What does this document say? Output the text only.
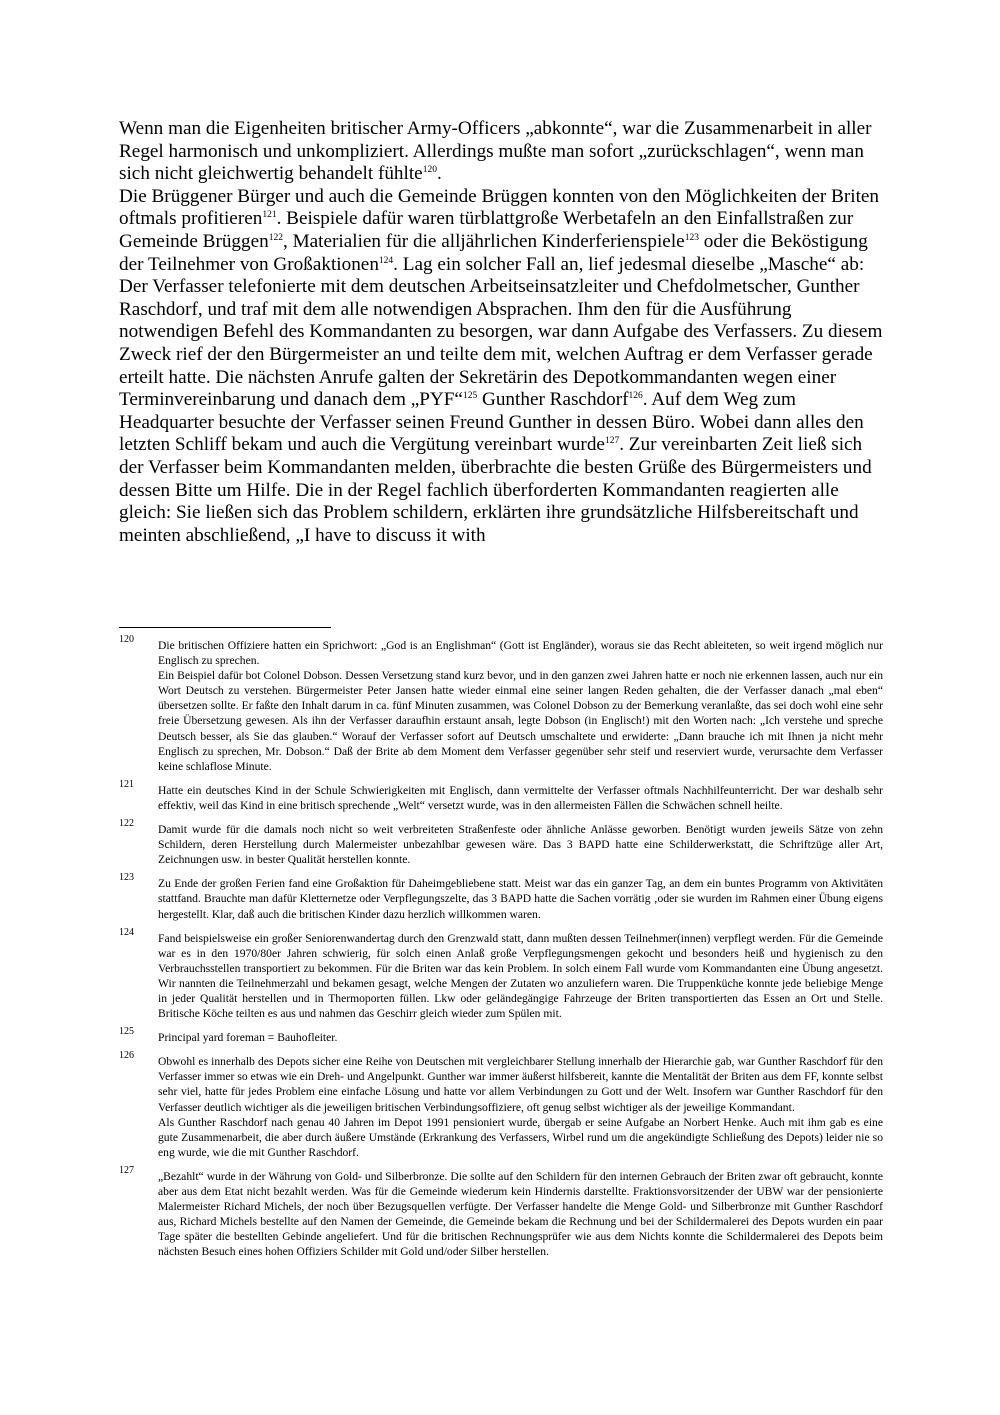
Wenn man die Eigenheiten britischer Army-Officers „abkonnte“, war die Zusammenarbeit in aller Regel harmonisch und unkompliziert. Allerdings mußte man sofort „zurückschlagen“, wenn man sich nicht gleichwertig behandelt fühlte$^{120}$.

Die Brüggener Bürger und auch die Gemeinde Brüggen konnten von den Möglichkeiten der Briten oftmals profitieren$^{121}$. Beispiele dafür waren türblattgroße Werbetafeln an den Einfallstraßen zur Gemeinde Brüggen$^{122}$, Materialien für die alljährlichen Kinderferienspiele$^{123}$ oder die Beköstigung der Teilnehmer von Großaktionen$^{124}$. Lag ein solcher Fall an, lief jedesmal dieselbe „Masche“ ab: Der Verfasser telefonierte mit dem deutschen Arbeitseinsatzleiter und Chefdolmetscher, Gunther Raschdorf, und traf mit dem alle notwendigen Absprachen. Ihm den für die Ausführung notwendigen Befehl des Kommandanten zu besorgen, war dann Aufgabe des Verfassers. Zu diesem Zweck rief der den Bürgermeister an und teilte dem mit, welchen Auftrag er dem Verfasser gerade erteilt hatte. Die nächsten Anrufe galten der Sekretärin des Depotkommandanten wegen einer Terminvereinbarung und danach dem „PYF“$^{125}$ Gunther Raschdorf$^{126}$. Auf dem Weg zum Headquarter besuchte der Verfasser seinen Freund Gunther in dessen Büro. Wobei dann alles den letzten Schliff bekam und auch die Vergütung vereinbart wurde$^{127}$. Zur vereinbarten Zeit ließ sich der Verfasser beim Kommandanten melden, überbrachte die besten Grüße des Bürgermeisters und dessen Bitte um Hilfe. Die in der Regel fachlich überforderten Kommandanten reagierten alle gleich: Sie ließen sich das Problem schildern, erklärten ihre grundsätzliche Hilfsbereitschaft und meinten abschließend, „I have to discuss it with

120 Die britischen Offiziere hatten ein Sprichwort: „God is an Englishman“ (Gott ist Engländer), woraus sie das Recht ableiteten, so weit irgend möglich nur Englisch zu sprechen.

Ein Beispiel dafür bot Colonel Dobson. Dessen Versetzung stand kurz bevor, und in den ganzen zwei Jahren hatte er noch nie erkennen lassen, auch nur ein Wort Deutsch zu verstehen. Bürgermeister Peter Jansen hatte wieder einmal eine seiner langen Reden gehalten, die der Verfasser danach „mal eben“ übersetzen sollte. Er faßte den Inhalt darum in ca. fünf Minuten zusammen, was Colonel Dobson zu der Bemerkung veranlaßte, das sei doch wohl eine sehr freie Übersetzung gewesen. Als ihn der Verfasser daraufhin erstaunt ansah, legte Dobson (in Englisch!) mit den Worten nach: „Ich verstehe und spreche Deutsch besser, als Sie das glauben.“ Worauf der Verfasser sofort auf Deutsch umschaltete und erwiderte: „Dann brauche ich mit Ihnen ja nicht mehr Englisch zu sprechen, Mr. Dobson.“ Daß der Brite ab dem Moment dem Verfasser gegenüber sehr steif und reserviert wurde, verursachte dem Verfasser keine schlaflose Minute.

121 Hatte ein deutsches Kind in der Schule Schwierigkeiten mit Englisch, dann vermittelte der Verfasser oftmals Nachhilfeunterricht. Der war deshalb sehr effektiv, weil das Kind in eine britisch sprechende „Welt“ versetzt wurde, was in den allermeisten Fällen die Schwächen schnell heilte.

122 Damit wurde für die damals noch nicht so weit verbreiteten Straßenfeste oder ähnliche Anlässe geworben. Benötigt wurden jeweils Sätze von zehn Schildern, deren Herstellung durch Malermeister unbezahlbar gewesen wäre. Das 3 BAPD hatte eine Schilderwerkstatt, die Schriftzüge aller Art, Zeichnungen usw. in bester Qualität herstellen konnte.

123 Zu Ende der großen Ferien fand eine Großaktion für Daheimgebliebene statt. Meist war das ein ganzer Tag, an dem ein buntes Programm von Aktivitäten stattfand. Brauchte man dafür Kletternetze oder Verpflegungszelte, das 3 BAPD hatte die Sachen vorrätig ‚oder sie wurden im Rahmen einer Übung eigens hergestellt. Klar, daß auch die britischen Kinder dazu herzlich willkommen waren.

124 Fand beispielsweise ein großer Seniorenwandertag durch den Grenzwald statt, dann mußten dessen Teilnehmer(innen) verpflegt werden. Für die Gemeinde war es in den 1970/80er Jahren schwierig, für solch einen Anlaß große Verpflegungsmengen gekocht und besonders heiß und hygienisch zu den Verbrauchsstellen transportiert zu bekommen. Für die Briten war das kein Problem. In solch einem Fall wurde vom Kommandanten eine Übung angesetzt. Wir nannten die Teilnehmerzahl und bekamen gesagt, welche Mengen der Zutaten wo anzuliefern waren. Die Truppenküche konnte jede beliebige Menge in jeder Qualität herstellen und in Thermoporten füllen. Lkw oder geländegängige Fahrzeuge der Briten transportierten das Essen an Ort und Stelle. Britische Köche teilten es aus und nahmen das Geschirr gleich wieder zum Spülen mit.

125 Principal yard foreman = Bauhofleiter.

126 Obwohl es innerhalb des Depots sicher eine Reihe von Deutschen mit vergleichbarer Stellung innerhalb der Hierarchie gab, war Gunther Raschdorf für den Verfasser immer so etwas wie ein Dreh- und Angelpunkt. Gunther war immer äußerst hilfsbereit, kannte die Mentalität der Briten aus dem FF, konnte selbst sehr viel, hatte für jedes Problem eine einfache Lösung und hatte vor allem Verbindungen zu Gott und der Welt. Insofern war Gunther Raschdorf für den Verfasser deutlich wichtiger als die jeweiligen britischen Verbindungsoffiziere, oft genug selbst wichtiger als der jeweilige Kommandant.

Als Gunther Raschdorf nach genau 40 Jahren im Depot 1991 pensioniert wurde, übergab er seine Aufgabe an Norbert Henke. Auch mit ihm gab es eine gute Zusammenarbeit, die aber durch äußere Umstände (Erkrankung des Verfassers, Wirbel rund um die angekündigte Schließung des Depots) leider nie so eng wurde, wie die mit Gunther Raschdorf.

127 „Bezahlt“ wurde in der Währung von Gold- und Silberbronze. Die sollte auf den Schildern für den internen Gebrauch der Briten zwar oft gebraucht, konnte aber aus dem Etat nicht bezahlt werden. Was für die Gemeinde wiederum kein Hindernis darstellte. Fraktionsvorsitzender der UBW war der pensionierte Malermeister Richard Michels, der noch über Bezugsquellen verfügte. Der Verfasser handelte die Menge Gold- und Silberbronze mit Gunther Raschdorf aus, Richard Michels bestellte auf den Namen der Gemeinde, die Gemeinde bekam die Rechnung und bei der Schildermalerei des Depots wurden ein paar Tage später die bestellten Gebinde angeliefert. Und für die britischen Rechnungsprüfer wie aus dem Nichts konnte die Schildermalerei des Depots beim nächsten Besuch eines hohen Offiziers Schilder mit Gold und/oder Silber herstellen.
